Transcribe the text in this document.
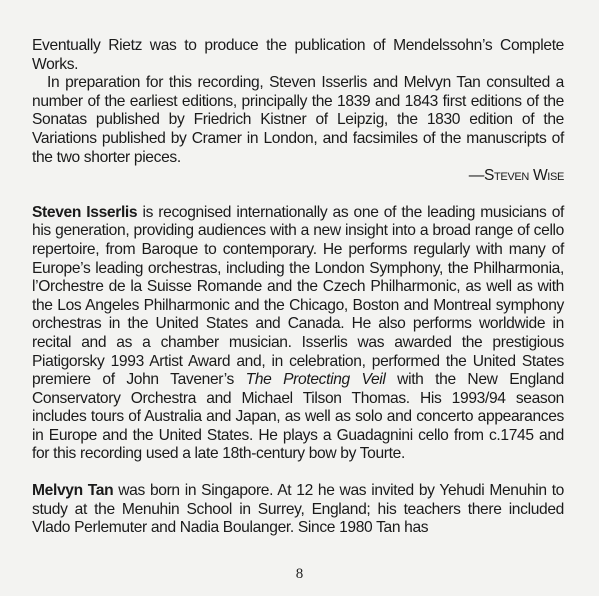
Eventually Rietz was to produce the publication of Mendelssohn’s Complete Works.

In preparation for this recording, Steven Isserlis and Melvyn Tan consulted a number of the earliest editions, principally the 1839 and 1843 first editions of the Sonatas published by Friedrich Kistner of Leipzig, the 1830 edition of the Variations published by Cramer in London, and facsimiles of the manuscripts of the two shorter pieces.

—Steven Wise

Steven Isserlis is recognised internationally as one of the leading musicians of his generation, providing audiences with a new insight into a broad range of cello repertoire, from Baroque to contemporary. He performs regularly with many of Europe’s leading orchestras, including the London Symphony, the Philharmonia, l’Orchestre de la Suisse Romande and the Czech Philharmonic, as well as with the Los Angeles Philharmonic and the Chicago, Boston and Montreal symphony orchestras in the United States and Canada. He also performs worldwide in recital and as a chamber musician. Isserlis was awarded the prestigious Piatigorsky 1993 Artist Award and, in celebration, performed the United States premiere of John Tavener’s The Protecting Veil with the New England Conservatory Orchestra and Michael Tilson Thomas. His 1993/94 season includes tours of Australia and Japan, as well as solo and concerto appearances in Europe and the United States. He plays a Guadagnini cello from c.1745 and for this recording used a late 18th-century bow by Tourte.

Melvyn Tan was born in Singapore. At 12 he was invited by Yehudi Menuhin to study at the Menuhin School in Surrey, England; his teachers there included Vlado Perlemuter and Nadia Boulanger. Since 1980 Tan has

8
